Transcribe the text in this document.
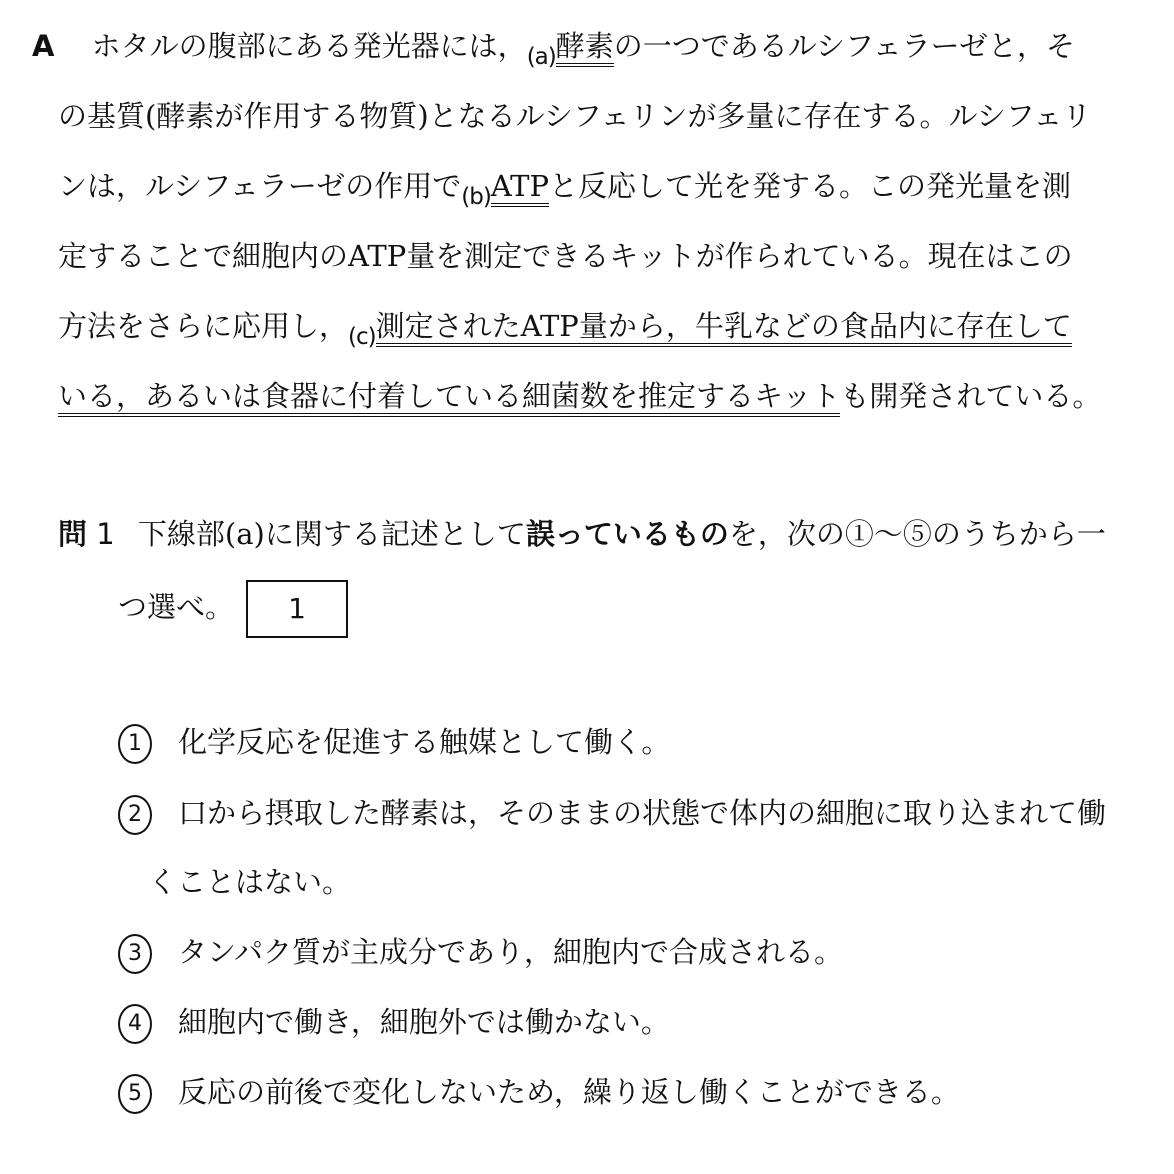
A ホタルの腹部にある発光器には，$_{(a)}$酵素の一つであるルシフェラーゼと，そ
の基質(酵素が作用する物質)となるルシフェリンが多量に存在する。ルシフェリ
ンは，ルシフェラーゼの作用で$_{(b)}$ATPと反応して光を発する。この発光量を測
定することで細胞内のATP量を測定できるキットが作られている。現在はこの
方法をさらに応用し，$_{(c)}$測定されたATP量から，牛乳などの食品内に存在して
いる，あるいは食器に付着している細菌数を推定するキットも開発されている。
問 1 下線部(a)に関する記述として誤っているものを，次の①～⑤のうちから一
つ選べ。 1
1 化学反応を促進する触媒として働く。
2 口から摂取した酵素は，そのままの状態で体内の細胞に取り込まれて働
くことはない。
3 タンパク質が主成分であり，細胞内で合成される。
4 細胞内で働き，細胞外では働かない。
5 反応の前後で変化しないため，繰り返し働くことができる。
